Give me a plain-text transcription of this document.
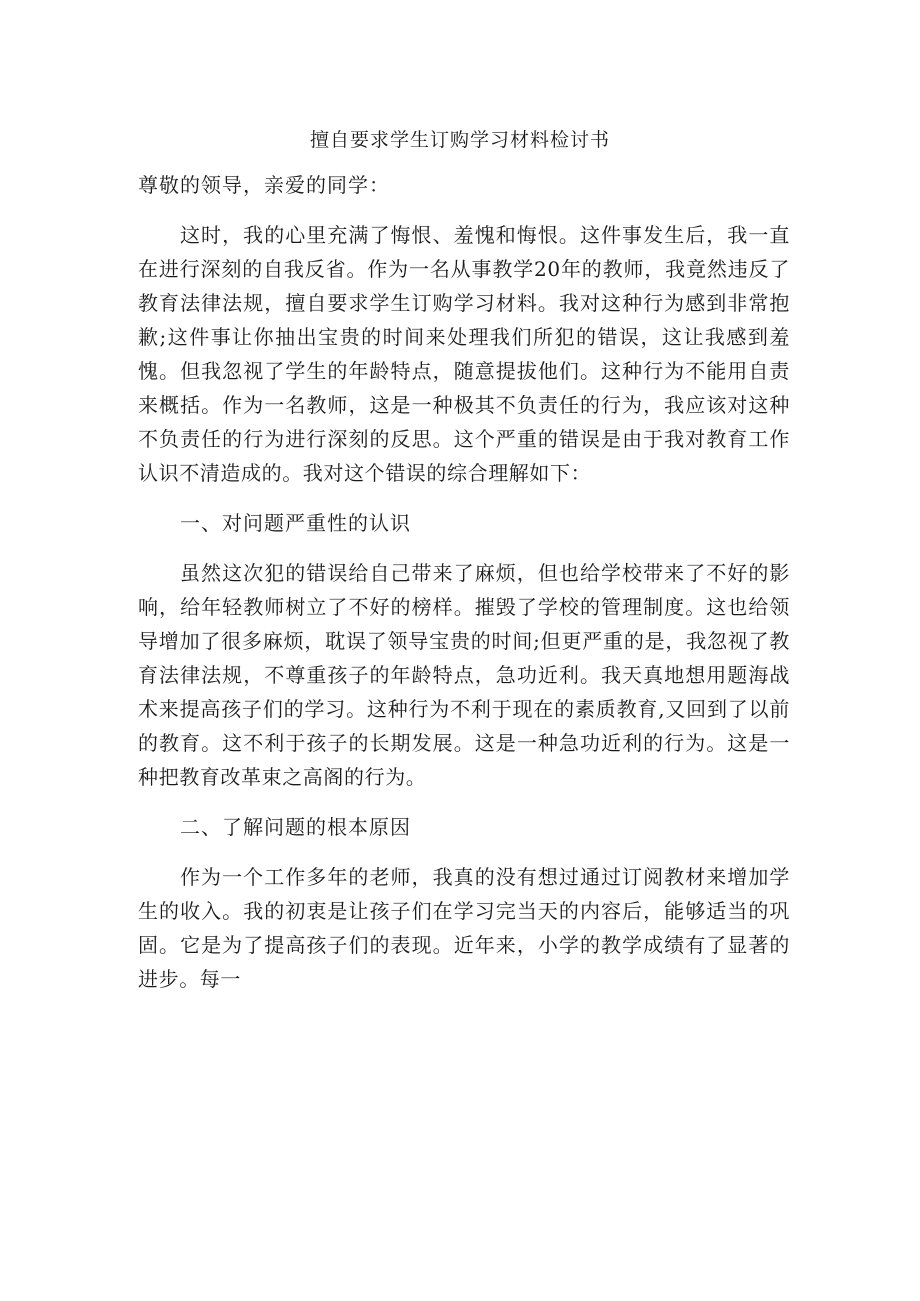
擅自要求学生订购学习材料检讨书
尊敬的领导，亲爱的同学：
这时，我的心里充满了悔恨、羞愧和悔恨。这件事发生后，我一直在进行深刻的自我反省。作为一名从事教学20年的教师，我竟然违反了教育法律法规，擅自要求学生订购学习材料。我对这种行为感到非常抱歉;这件事让你抽出宝贵的时间来处理我们所犯的错误，这让我感到羞愧。但我忽视了学生的年龄特点，随意提拔他们。这种行为不能用自责来概括。作为一名教师，这是一种极其不负责任的行为，我应该对这种不负责任的行为进行深刻的反思。这个严重的错误是由于我对教育工作认识不清造成的。我对这个错误的综合理解如下：
一、对问题严重性的认识
虽然这次犯的错误给自己带来了麻烦，但也给学校带来了不好的影响，给年轻教师树立了不好的榜样。摧毁了学校的管理制度。这也给领导增加了很多麻烦，耽误了领导宝贵的时间;但更严重的是，我忽视了教育法律法规，不尊重孩子的年龄特点，急功近利。我天真地想用题海战术来提高孩子们的学习。这种行为不利于现在的素质教育,又回到了以前的教育。这不利于孩子的长期发展。这是一种急功近利的行为。这是一种把教育改革束之高阁的行为。
二、了解问题的根本原因
作为一个工作多年的老师，我真的没有想过通过订阅教材来增加学生的收入。我的初衷是让孩子们在学习完当天的内容后，能够适当的巩固。它是为了提高孩子们的表现。近年来，小学的教学成绩有了显著的进步。每一
